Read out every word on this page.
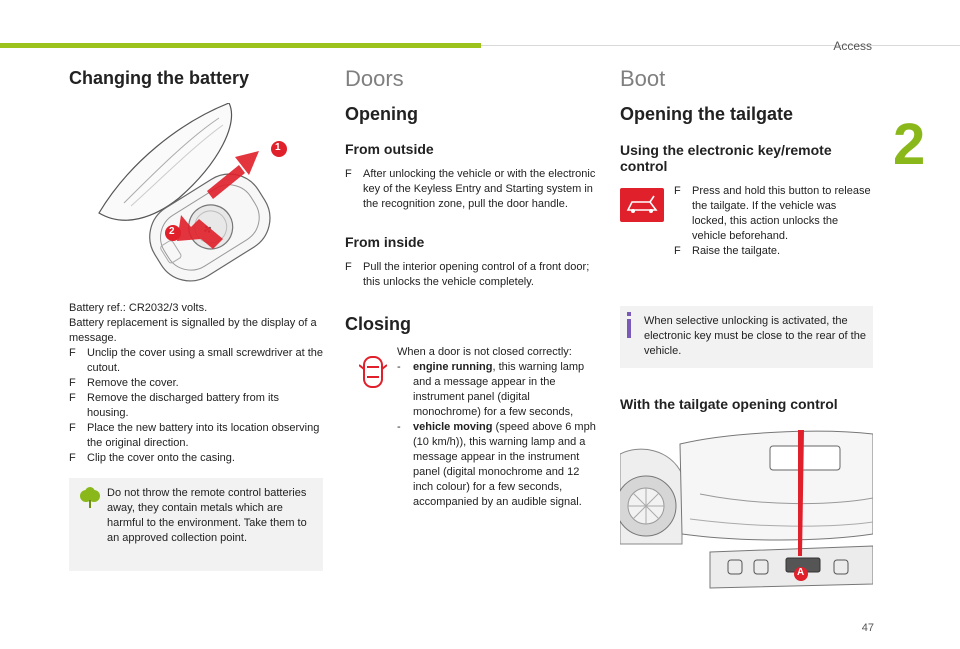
Access
2
47
Changing the battery
1
2

Battery ref.: CR2032/3 volts.

Battery replacement is signalled by the display of a message.

F	Unclip the cover using a small screwdriver at the cutout.
F	Remove the cover.
F	Remove the discharged battery from its housing.
F	Place the new battery into its location observing the original direction.
F	Clip the cover onto the casing.

Do not throw the remote control batteries away, they contain metals which are harmful to the environment. Take them to an approved collection point.

Doors
Opening
From outside
F	After unlocking the vehicle or with the electronic key of the Keyless Entry and Starting system in the recognition zone, pull the door handle.
From inside
F	Pull the interior opening control of a front door; this unlocks the vehicle completely.
Closing

When a door is not closed correctly:

-	engine running, this warning lamp and a message appear in the instrument panel (digital monochrome) for a few seconds,
-	vehicle moving (speed above 6 mph (10 km/h)), this warning lamp and a message appear in the instrument panel (digital monochrome and 12 inch colour) for a few seconds, accompanied by an audible signal.
Boot
Opening the tailgate
Using the electronic key/remote control
F	Press and hold this button to release the tailgate. If the vehicle was locked, this action unlocks the vehicle beforehand.
F	Raise the tailgate.

When selective unlocking is activated, the electronic key must be close to the rear of the vehicle.

With the tailgate opening control
A
